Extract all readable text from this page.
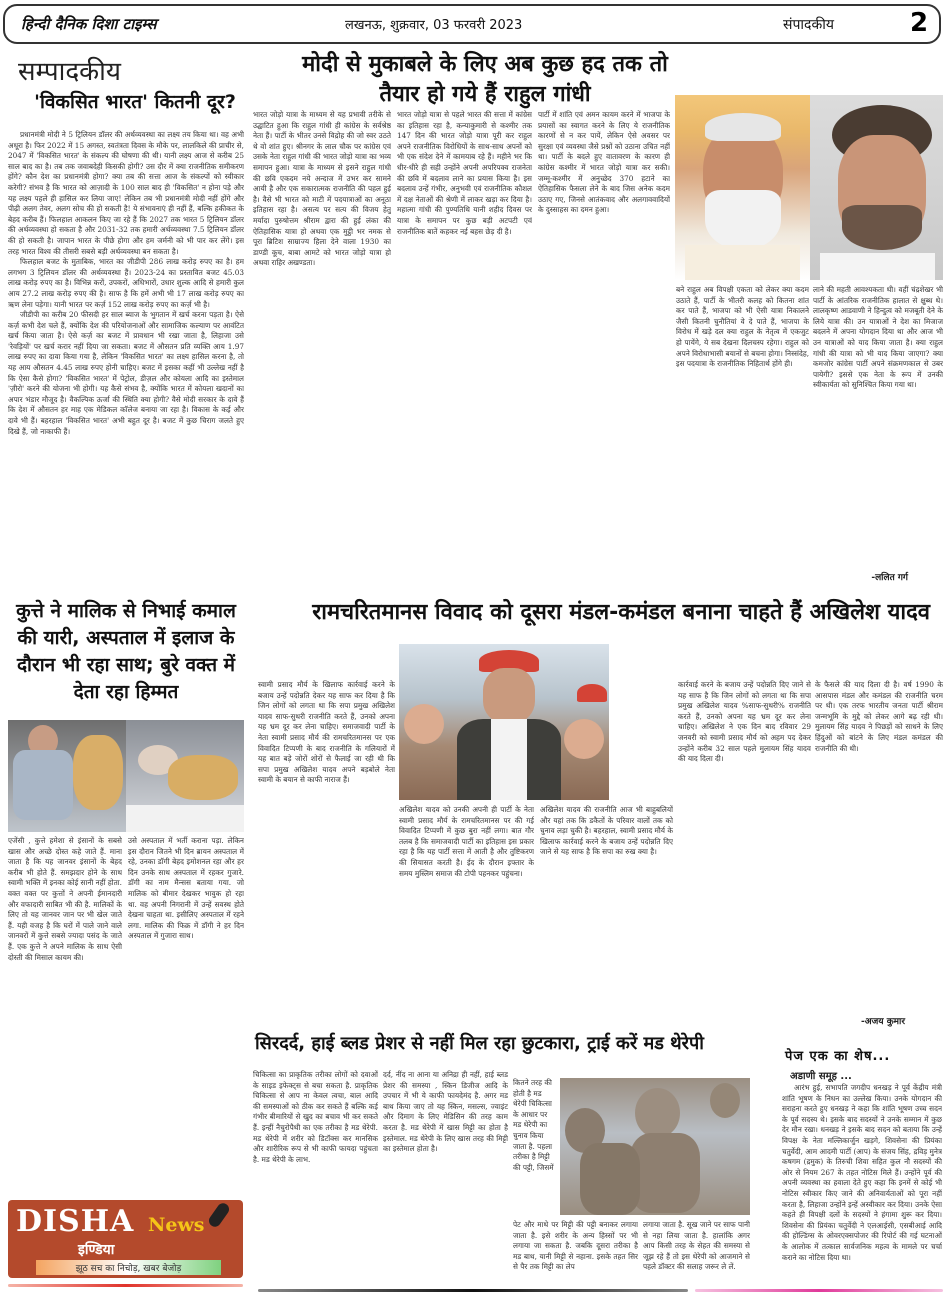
हिन्दी दैनिक दिशा टाइम्स	लखनऊ, शुक्रवार, 03 फरवरी 2023	संपादकीय	2
सम्पादकीय
'विकसित भारत' कितनी दूर?

प्रधानमंत्री मोदी ने 5 ट्रिलियन डॉलर की अर्थव्यवस्था का लक्ष्य तय किया था। वह अभी अधूरा है। फिर 2022 में 15 अगस्त, स्वतंत्रता दिवस के मौके पर, लालकिले की प्राचीर से, 2047 में 'विकसित भारत' के संकल्प की घोषणा की थी। यानी लक्ष्य आज से करीब 25 साल बाद का है। तब तक जवाबदेही किसकी होगी? उस दौर में क्या राजनीतिक समीकरण होंगे? कौन देश का प्रधानमंत्री होगा? क्या तब की सत्ता आज के संकल्पों को स्वीकार करेगी? संभव है कि भारत को आज़ादी के 100 साल बाद ही 'विकसित' न होना पड़े और यह लक्ष्य पहले ही हासिल कर लिया जाए! लेकिन तब भी प्रधानमंत्री मोदी नहीं होंगे और पीढ़ी अलग तेवर, अलग सोच की हो सकती है! ये संभावनाएं ही नहीं हैं, बल्कि हकीकत के बेहद करीब हैं। फिलहाल आकलन किए जा रहे हैं कि 2027 तक भारत 5 ट्रिलियन डॉलर की अर्थव्यवस्था हो सकता है और 2031-32 तक हमारी अर्थव्यवस्था 7.5 ट्रिलियन डॉलर की हो सकती है। जापान भारत के पीछे होगा और हम जर्मनी को भी पार कर लेंगे। इस तरह भारत विश्व की तीसरी सबसे बड़ी अर्थव्यवस्था बन सकता है।

फिलहाल बजट के मुताबिक, भारत का जीडीपी 286 लाख करोड़ रुपए का है। हम लगभग 3 ट्रिलियन डॉलर की अर्थव्यवस्था हैं। 2023-24 का प्रस्तावित बजट 45.03 लाख करोड़ रुपए का है। विभिन्न करों, उपकरों, अधिभारों, उधार शुल्क आदि से हमारी कुल आय 27.2 लाख करोड़ रुपए की है। साफ है कि हमें अभी भी 17 लाख करोड़ रुपए का ऋण लेना पड़ेगा। यानी भारत पर कर्ज़ 152 लाख करोड़ रुपए का कर्ज़ भी है।

जीडीपी का करीब 20 फीसदी हर साल ब्याज के भुगतान में खर्च करना पड़ता है। ऐसे कर्ज़ कभी देश चले हैं, क्योंकि देश की परियोजनाओं और सामाजिक कल्याण पर आवंटित खर्च किया जाता है। ऐसे कर्ज़ का बजट में प्रावधान भी रखा जाता है, लिहाजा उसे 'रेवड़ियों' पर खर्च करार नहीं दिया जा सकता। बजट में औसतन प्रति व्यक्ति आय 1.97 लाख रुपए का दावा किया गया है, लेकिन 'विकसित भारत' का लक्ष्य हासिल करना है, तो यह आय औसतन 4.45 लाख रुपए होनी चाहिए। बजट में इसका कहीं भी उल्लेख नहीं है कि ऐसा कैसे होगा? 'विकसित भारत' में पेट्रोल, डीज़ल और कोयला आदि का इस्तेमाल 'ज़ीरो' करने की योजना भी होगी। यह कैसे संभव है, क्योंकि भारत में कोयला खदानों का अपार भंडार मौजूद है। वैकल्पिक ऊर्जा की स्थिति क्या होगी? वैसे मोदी सरकार के दावे हैं कि देश में औसतन हर माह एक मेडिकल कॉलेज बनाया जा रहा है। विकास के कई और दावे भी हैं। बहरहाल 'विकसित भारत' अभी बहुत दूर है। बजट में कुछ चिराग जलते हुए दिखे हैं, जो नाकाफी हैं।

मोदी से मुकाबले के लिए अब कुछ हद तक तो तैयार हो गये हैं राहुल गांधी
भारत जोड़ो यात्रा के माध्यम से यह प्रभावी तरीके से उद्घाटित हुआ कि राहुल गांधी ही कांग्रेस के सर्वश्रेष्ठ नेता हैं। पार्टी के भीतर उनसे विद्रोह की जो स्वर उठते थे वो शांत हुए। श्रीनगर के लाल चौक पर कांग्रेस एवं उसके नेता राहुल गांधी की भारत जोड़ो यात्रा का भव्य समापन हुआ। यात्रा के माध्यम से इसने राहुल गांधी की छवि एकदम नये अन्दाज में उभर कर सामने आयी है और एक सकारात्मक राजनीति की पहल हुई है। वैसे भी भारत को माटी में पदयात्राओं का अनूठा इतिहास रहा है। असत्य पर सत्य की विजय हेतु मर्यादा पुरुषोत्तम श्रीराम द्वारा की हुई लंका की ऐतिहासिक यात्रा हो अथवा एक मुट्ठी भर नमक से पूरा ब्रिटिश साम्राज्य हिला देने वाला 1930 का डाण्डी कूच, बाबा आमटे को भारत जोड़ो यात्रा हो अथवा राहिर अखण्डता।
भारत जोड़ो यात्रा से पहले भारत की सत्ता में कांग्रेस का इतिहास रहा है, कन्याकुमारी से कश्मीर तक 147 दिन की भारत जोड़ो यात्रा पूरी कर राहुल अपने राजनीतिक विरोधियों के साथ-साथ अपनों को भी एक संदेश देने में कामयाब रहे हैं। महीने भर कि धीर-धीरे ही सही उन्होंने अपनी अपरिपक्व राजनेता की छवि में बदलाव लाने का प्रयास किया है। इस बदलाव उन्हें गंभीर, अनुभवी एवं राजनीतिक कौशल में दक्ष नेताओं की श्रेणी में लाकर खड़ा कर दिया है। महात्मा गांधी की पुण्यतिथि यानी शहीद दिवस पर यात्रा के समापन पर कुछ बड़ी अटपटी एवं राजनीतिक बातें कहकर नई बहस छेड़ दी है।
पार्टी में शांति एवं अमन कायम करने में भाजपा के प्रयासों का स्वागत करने के लिए ये राजनीतिक कारणों से न कर पायें, लेकिन ऐसे अवसर पर सुरक्षा एवं व्यवस्था जैसे प्रश्नों को उठाना उचित नहीं था। पार्टी के बदले हुए वातावरण के कारण ही कांग्रेस कश्मीर में भारत जोड़ो यात्रा कर सकी। जम्मू-कश्मीर में अनुच्छेद 370 हटाने का ऐतिहासिक फैसला लेने के बाद जिस अनेक कदम उठाए गए, जिनसे आतंकवाद और अलगाववादियों के दुस्साहस का दमन हुआ।
बने राहुल अब विपक्षी एकता को लेकर क्या कदम उठाते हैं, पार्टी के भीतरी कलह को कितना शांत कर पाते हैं, भाजपा को भी ऐसी यात्रा निकालने जैसी कितनी चुनौतियां वे दे पाते हैं, भाजपा के विरोध में खड़े दल क्या राहुल के नेतृत्व में एकजुट हो पायेंगे, ये सब देखना दिलचस्प रहेगा। राहुल को अपने विरोधाभासी बयानों से बचना होगा। निस्संदेह, इस पदयात्रा के राजनीतिक निहितार्थ होंगे ही।
लाने की महती आवश्यकता थी। वहीं चंद्रशेखर भी पार्टी के आंतरिक राजनीतिक हालात से क्षुब्ध थे। लालकृष्ण आडवाणी ने हिन्दुत्व को मजबूती देने के लिये यात्रा की। उन यात्राओं ने देश का मिजाज बदलने में अपना योगदान दिया था और आज भी उन यात्राओं को याद किया जाता है। क्या राहुल गांधी की यात्रा को भी याद किया जाएगा? क्या कमजोर कांग्रेस पार्टी अपने संक्रमणकाल से उबर पायेगी? इससे एक नेता के रूप में उनकी स्वीकार्यता को सुनिश्चित किया गया था।
-ललित गर्ग
कुत्ते ने मालिक से निभाई कमाल की यारी, अस्पताल में इलाज के दौरान भी रहा साथ; बुरे वक्त में देता रहा हिम्मत
एजेंसी , कुत्ते हमेशा से इंसानों के सबसे खास और अच्छे दोस्त कहे जाते हैं. माना जाता है कि यह जानवर इंसानों के बेहद करीब भी होते हैं. समझदार होने के साथ स्वामी भक्ति में इनका कोई सानी नहीं होता. वक्त वक्त पर कुत्तों ने अपनी ईमानदारी और वफादारी साबित भी की है. मालिकों के लिए तो यह जानवर जान पर भी खेल जाते हैं. यही वजह है कि घरों में पाले जाने वाले जानवरों में कुत्ते सबसे ज्यादा पसंद के जाते हैं. एक कुत्ते ने अपने मालिक के साथ ऐसी दोस्ती की मिसाल कायम की।
उसे अस्पताल में भर्ती कराना पड़ा. लेकिन इस दौरान जितने भी दिन ब्रायन अस्पताल में रहे, उनका डॉगी बेहद इमोशनल रहा और हर दिन उनके साथ अस्पताल में रहकर गुजारे. डॉगी का नाम मैन्सस बताया गया. जो मालिक को बीमार देखकर भावुक हो रहा था. वह अपनी निगरानी में उन्हें सवस्थ होते देखना चाहता था. इसीलिए अस्पताल में रहने लगा. मालिक की फिक्र में डॉगी ने हर दिन अस्पताल में गुजारा साथ।
DISHA News
इण्डिया
झूठ सच का निचोड़, खबर बेजोड़
रामचरितमानस विवाद को दूसरा मंडल-कमंडल बनाना चाहते हैं अखिलेश यादव
स्वामी प्रसाद मौर्य के खिलाफ कार्रवाई करने के बजाय उन्हें पदोन्नति देकर यह साफ कर दिया है कि जिन लोगों को लगता था कि सपा प्रमुख अखिलेश यादव साफ-सुथरी राजनीति करते हैं, उनको अपना यह भ्रम दूर कर लेना चाहिए। समाजवादी पार्टी के नेता स्वामी प्रसाद मौर्य की रामचरितमानस पर एक विवादित टिप्पणी के बाद राजनीति के गलियारों में यह बात बड़े जोरों शोरों से फैलाई जा रही थी कि सपा प्रमुख अखिलेश यादव अपने बड़बोले नेता स्वामी के बयान से काफी नाराज हैं।
अखिलेश यादव को उनकी अपनी ही पार्टी के नेता स्वामी प्रसाद मौर्य के रामचरितमानस पर की गई विवादित टिप्पणी में कुछ बुरा नहीं लगा। बात गौर तलब है कि समाजवादी पार्टी का इतिहास इस प्रकार रहा है कि यह पार्टी सत्ता में आती है और तुष्टिकरण की सियासत करती है। ईद के दौरान इफ्तार के समय मुस्लिम समाज की टोपी पहनकर पहुंचना।
अखिलेश यादव की राजनीति आज भी बाहुबलियों और यहां तक कि डकैतों के परिवार वालों तक को चुनाव लड़ा चुकी है। बहरहाल, स्वामी प्रसाद मौर्य के खिलाफ कार्रवाई करने के बजाय उन्हें पदोन्नति दिए जाने से यह साफ है कि सपा का रुख क्या है।
कार्रवाई करने के बजाय उन्हें पदोन्नति दिए जाने से यह साफ है कि जिन लोगों को लगता था कि सपा प्रमुख अखिलेश यादव %साफ-सुथरी% राजनीति करते हैं, उनको अपना यह भ्रम दूर कर लेना चाहिए। अखिलेश ने एक दिन बाद रविवार 29 जनवरी को स्वामी प्रसाद मौर्य को अहम पद देकर उन्होंने करीब 32 साल पहले मुलायम सिंह यादव की याद दिला दी।
के फैसले की याद दिला दी है। वर्ष 1990 के आसपास मंडल और कमंडल की राजनीति चरम पर थी। एक तरफ भारतीय जनता पार्टी श्रीराम जन्मभूमि के मुद्दे को लेकर आगे बढ़ रही थी। मुलायम सिंह यादव ने पिछड़ों को साधने के लिए हिंदुओं को बांटने के लिए मंडल कमंडल की राजनीति की थी।
-अजय कुमार
सिरदर्द, हाई ब्लड प्रेशर से नहीं मिल रहा छुटकारा, ट्राई करें मड थेरेपी
चिकित्सा का प्राकृतिक तरीका लोगों को दवाओं के साइड इफेक्ट्स से बचा सकता है. प्राकृतिक चिकित्सा से आप ना केवल त्वचा, बाल आदि की समस्याओं को ठीक कर सकते हैं बल्कि कई गंभीर बीमारियों से खुद का बचाव भी कर सकते हैं. इन्हीं नैचुरोपैथी का एक तरीका है मड थेरेपी. मड थेरेपी में शरीर को डिटॉक्स कर मानसिक और शारीरिक रूप से भी काफी फायदा पहुंचता है. मड थेरेपी के लाभ.
दर्द, नींद ना आना या अनिद्रा ही नहीं, हाई ब्लड प्रेशर की समस्या , स्किन डिजीज आदि के उपचार में भी ये काफी फायदेमंद है. अगर मड बाथ किया जाए तो यह स्किन, मसल्स, ज्वाइंट और दिमाग के लिए मेडिसिन की तरह काम करता है. मड थेरेपी में खास मिट्टी का होता है इस्तेमाल. मड थेरेपी के लिए खास तरह की मिट्टी का इस्तेमाल होता है।
कितने तरह की होती है मड थेरेपी चिकित्सा के आधार पर मड थेरेपी का चुनाव किया जाता है. पहला तरीका है मिट्टी की पट्टी, जिसमें
पेट और माथे पर मिट्टी की पट्टी बनाकर लगाया जाता है. इसे शरीर के अन्य हिस्सों पर भी लगाया जा सकता है. जबकि दूसरा तरीका है मड बाथ, यानी मिट्टी से नहाना. इसके तहत सिर से पैर तक मिट्टी का लेप
लगाया जाता है. सूख जाने पर साफ पानी से नहा लिया जाता है. हालांकि अगर आप किसी तरह के सेहत की समस्या से जूझ रहे हैं तो इस थेरेपी को आजमाने से पहले डॉक्टर की सलाह जरूर ले लें.
पेज एक का शेष...
अडाणी समूह ...

आरंभ हुई, सभापति जगदीप धनखड़ ने पूर्व केंद्रीय मंत्री शांति भूषण के निधन का उल्लेख किया। उनके योगदान की सराहना करते हुए धनखड़ ने कहा कि शांति भूषण उच्च सदन के पूर्व सदस्य थे। इसके बाद सदस्यों ने उनके सम्मान में कुछ देर मौन रखा। धनखड़ ने इसके बाद सदन को बताया कि उन्हें विपक्ष के नेता मल्लिकार्जुन खड़गे, शिवसेना की प्रियंका चतुर्वेदी, आम आदमी पार्टी (आप) के संजय सिंह, द्रविड़ मुनेत्र कषगम (द्रमुक) के तिरुची शिवा सहित कुल नौ सदस्यों की ओर से नियम 267 के तहत नोटिस मिले हैं। उन्होंने पूर्व की अपनी व्यवस्था का हवाला देते हुए कहा कि इनमें से कोई भी नोटिस स्वीकार किए जाने की अनिवार्यताओं को पूरा नहीं करता है, लिहाजा उन्होंने इन्हें अस्वीकार कर दिया। उनके ऐसा कहते ही विपक्षी दलों के सदस्यों ने हंगामा शुरू कर दिया। शिवसेना की प्रियंका चतुर्वेदी ने एलआईसी, एसबीआई आदि की होल्डिंग्स के ओवरएक्सपोजर की रिपोर्ट की गई घटनाओं के आलोक में तत्काल सार्वजनिक महत्व के मामले पर चर्चा कराने का नोटिस दिया था।
